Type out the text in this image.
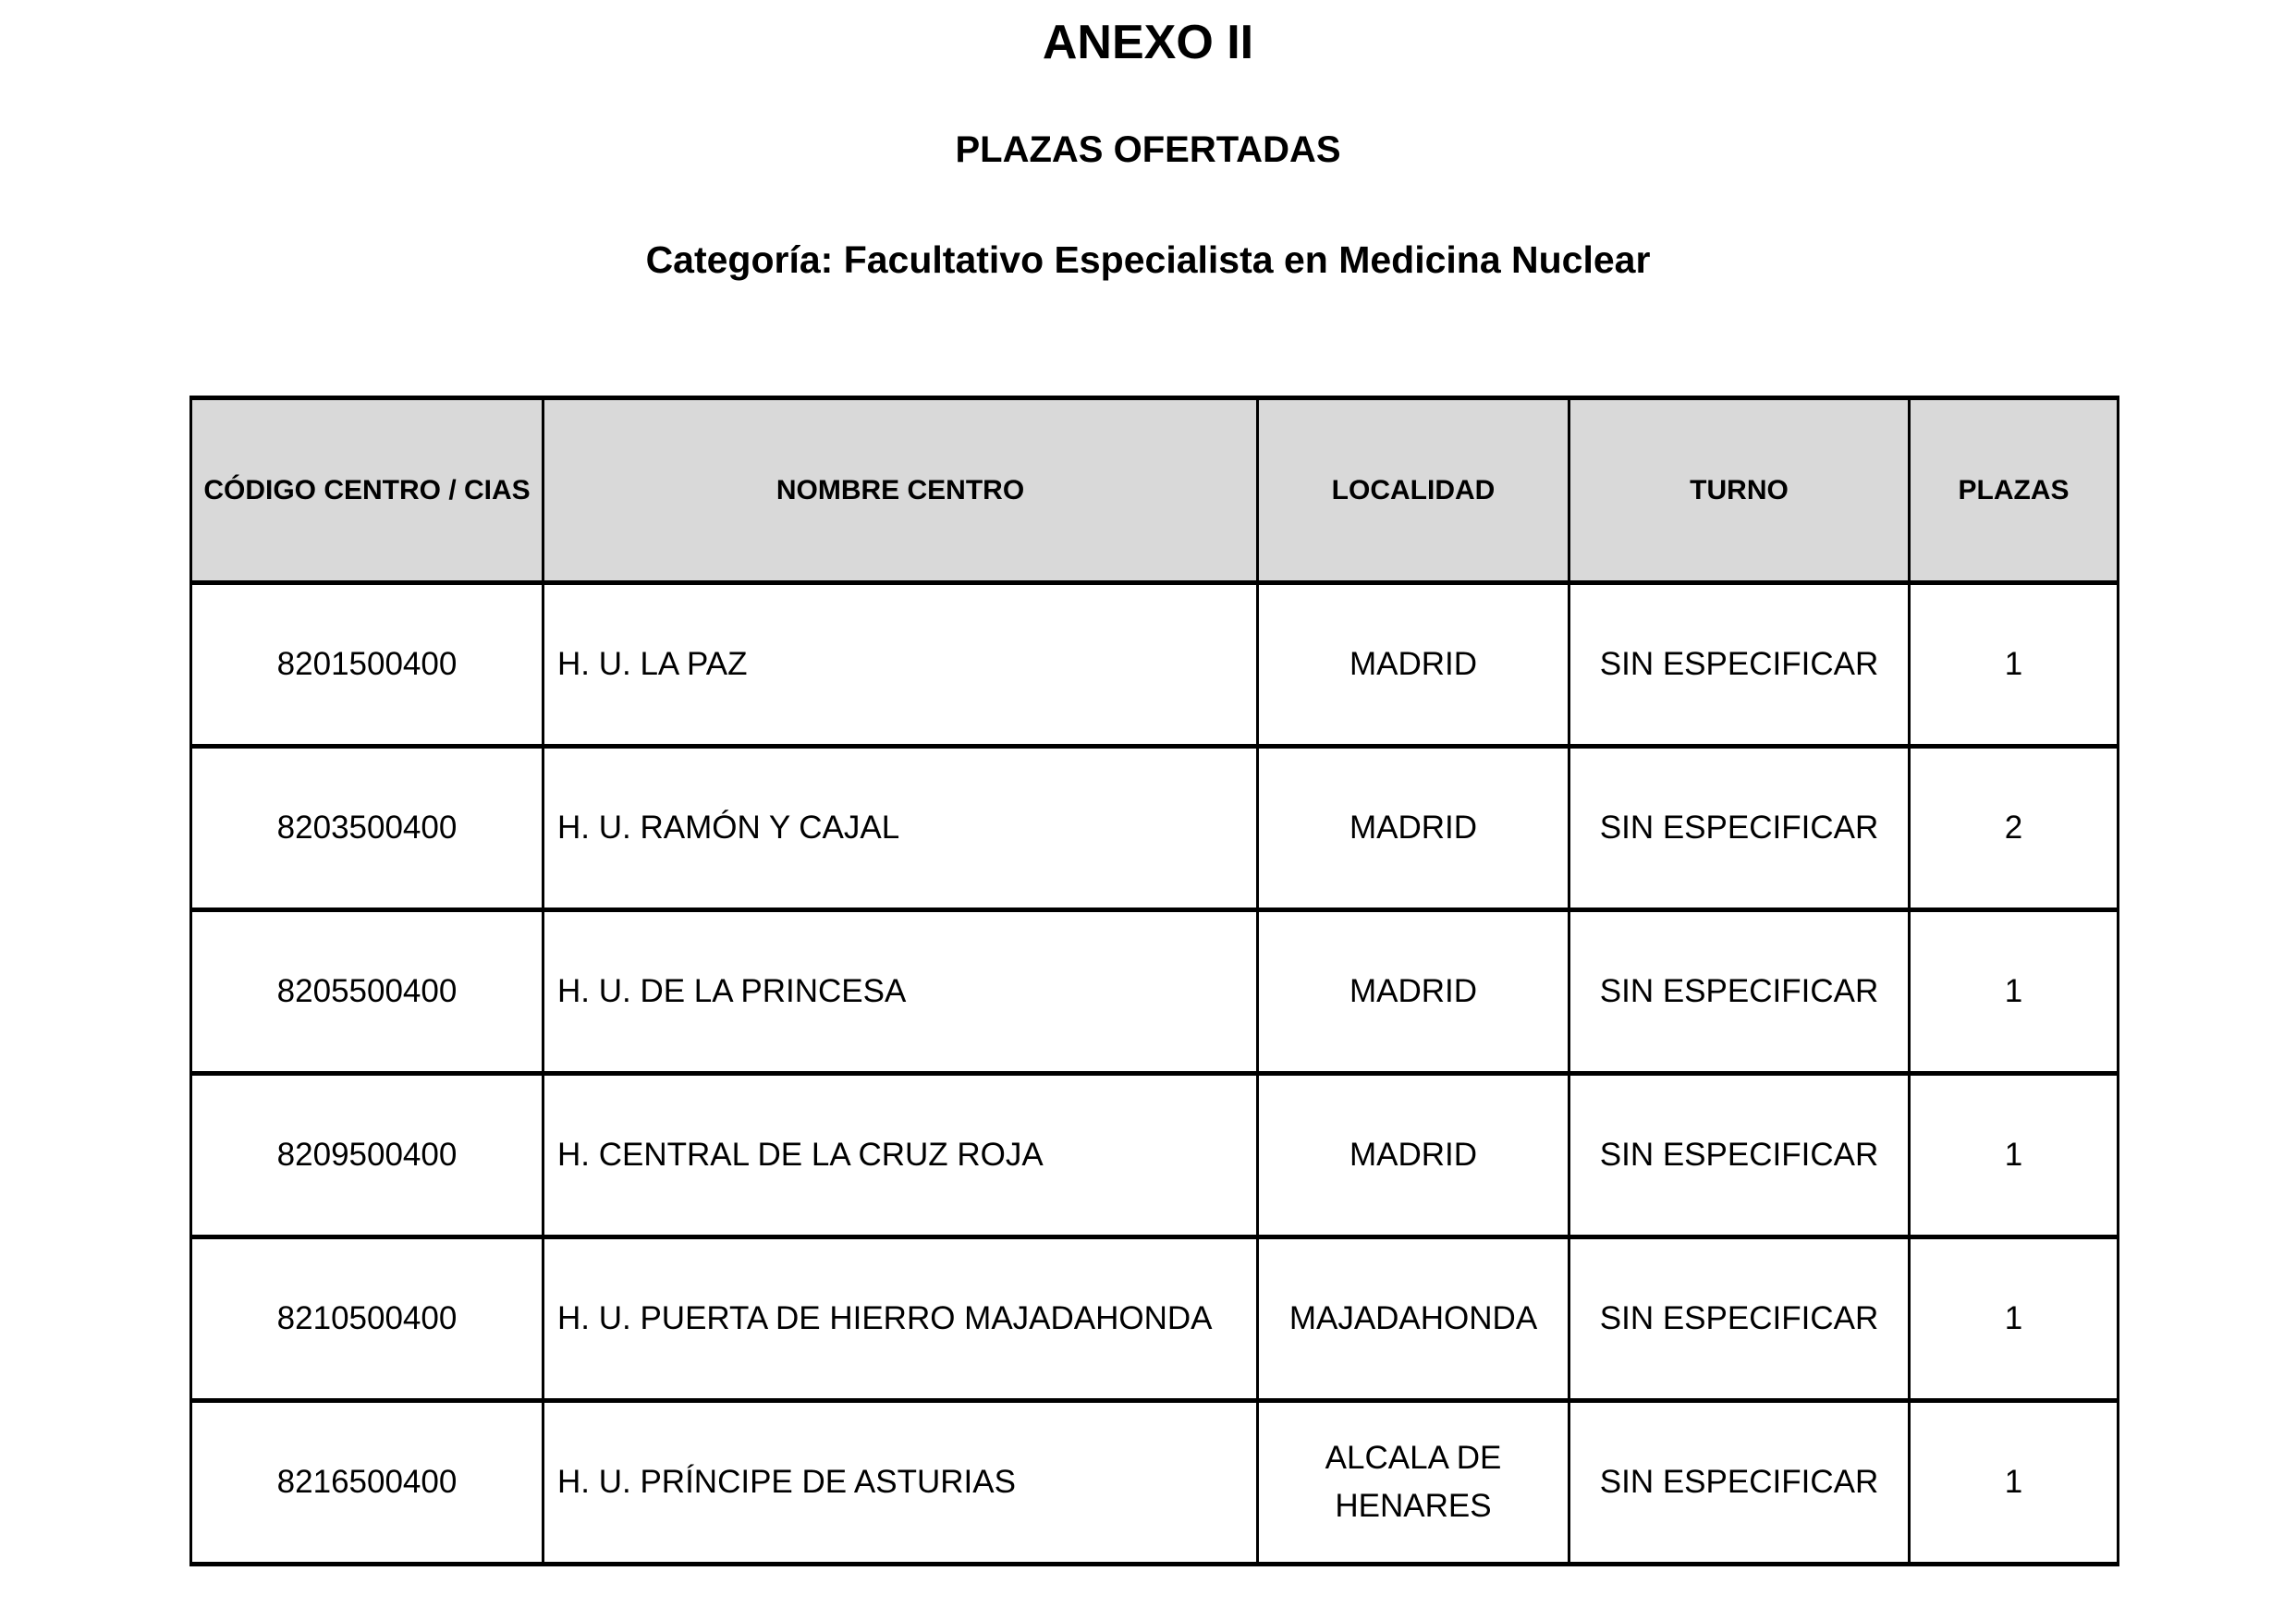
ANEXO II
PLAZAS OFERTADAS
Categoría: Facultativo Especialista en Medicina Nuclear
CÓDIGO CENTRO / CIAS	NOMBRE CENTRO	LOCALIDAD	TURNO	PLAZAS
8201500400	H. U. LA PAZ	MADRID	SIN ESPECIFICAR	1
8203500400	H. U. RAMÓN Y CAJAL	MADRID	SIN ESPECIFICAR	2
8205500400	H. U. DE LA PRINCESA	MADRID	SIN ESPECIFICAR	1
8209500400	H. CENTRAL DE LA CRUZ ROJA	MADRID	SIN ESPECIFICAR	1
8210500400	H. U. PUERTA DE HIERRO MAJADAHONDA	MAJADAHONDA	SIN ESPECIFICAR	1
8216500400	H. U. PRÍNCIPE DE ASTURIAS	ALCALA DE HENARES	SIN ESPECIFICAR	1
